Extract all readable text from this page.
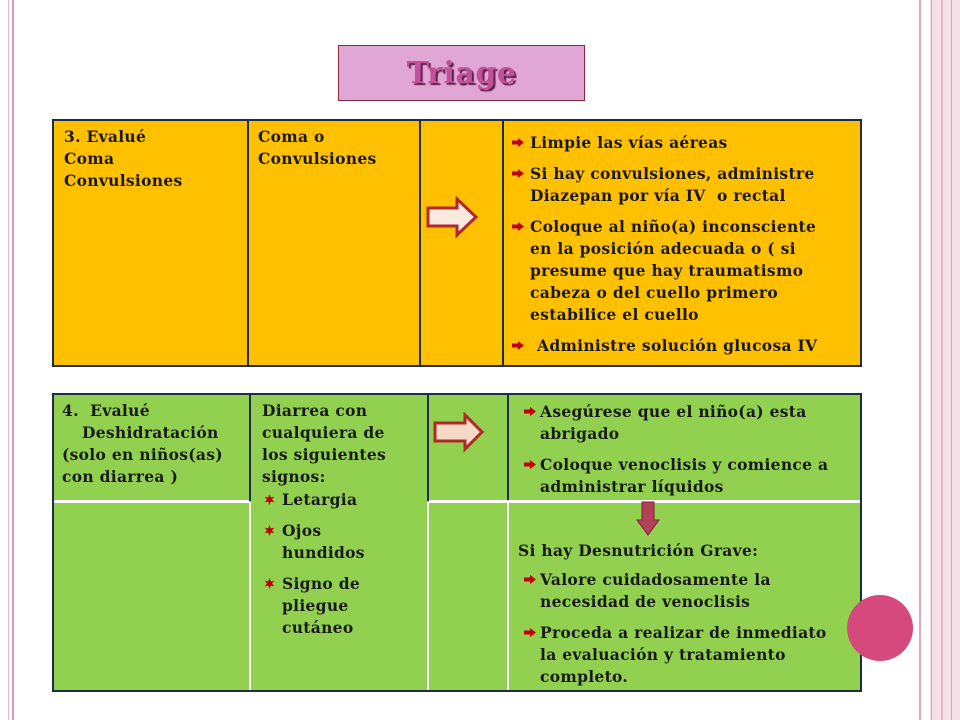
Triage
3. Evalué
Coma
Convulsiones
Coma o
Convulsiones
Limpie las vías aéreas
Si hay convulsiones, administre
Diazepan por vía IV  o rectal
Coloque al niño(a) inconsciente
en la posición adecuada o ( si
presume que hay traumatismo
cabeza o del cuello primero
estabilice el cuello
Administre solución glucosa IV
4.  Evalué
Deshidratación
(solo en niños(as)
con diarrea )
Diarrea con
cualquiera de
los siguientes
signos:
Letargia
Ojos
hundidos
Signo de
pliegue
cutáneo
Asegúrese que el niño(a) esta
abrigado
Coloque venoclisis y comience a
administrar líquidos
Si hay Desnutrición Grave:
Valore cuidadosamente la
necesidad de venoclisis
Proceda a realizar de inmediato
la evaluación y tratamiento
completo.
